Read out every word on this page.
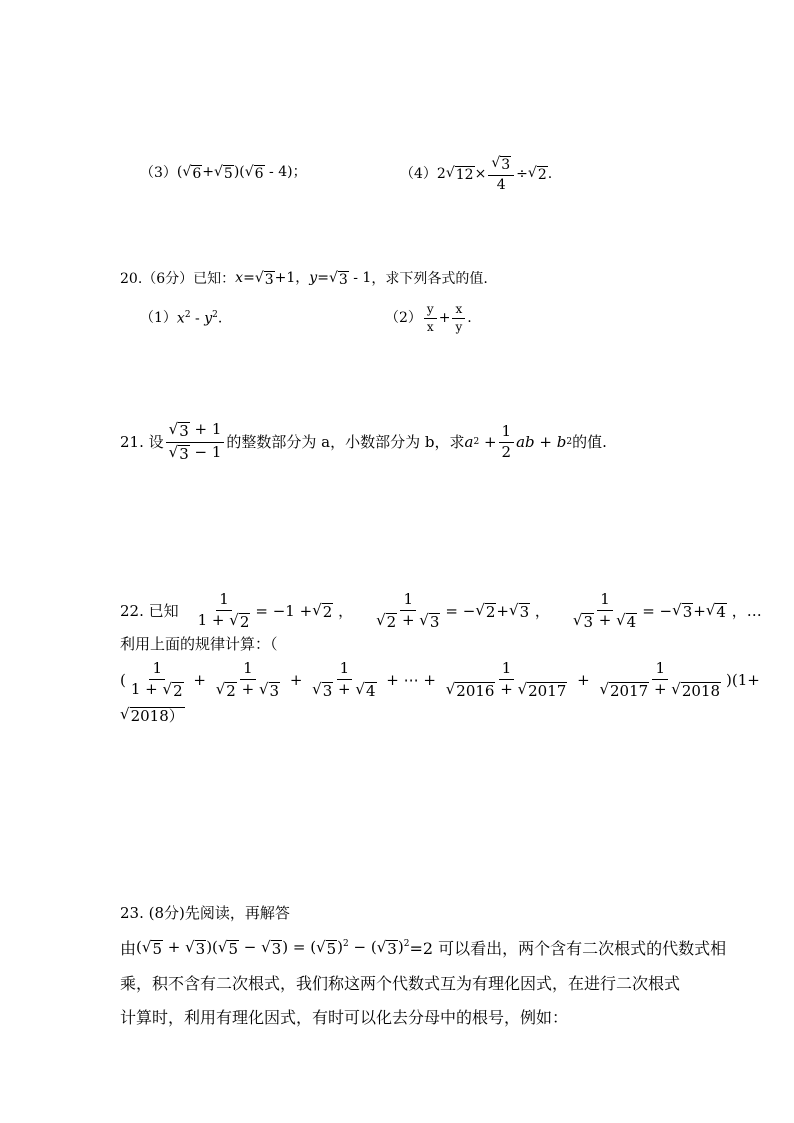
（3） ( √ 6 + √ 5 )( √ 6 - 4)；	（4） 2 √ $12 \times \frac{√ 3}{4}$ ÷ √ 2 .
20.（6分）已知： x= √ 3 +1，y= √ 3 - 1 ，求下列各式的值.
（1） $x^2 - y^2$.	$(2) \frac{y}{x} + \frac{x}{y}$ .
21. 设 $\frac{√ 3 + 1}{√ 3 - 1}$ 的整数部分为 a，小数部分为 b，求 a $2 + \frac{1}{2}$ ab + b 2 的值.
22. 已知 $\frac{1}{1 + √ 2} = -1$ + √ 2 ， $\frac{1}{√ 2 + √ 3}$ = − √ 2 + √ 3 ， $\frac{1}{√ 3 + √ 4}$ = − √ 3 + √ 4 ， …
利用上面的规律计算：（
( $\frac{1}{1 + √ 2} + \frac{1}{√ 2 + √ 3} + \frac{1}{√ 3 + √ 4}$ + ⋯ + $\frac{1}{√ 2016 + √ 2017} + \frac{1}{√ 2017 + √ 2018} )(1+$
√ 2018）
23. (8分)先阅读，再解答
由 ( √ 5 + √ 3 )( √ 5 − √ 3 ) = ( √ 5 )$^2$ − ( √ 3 )$^2$ =2 可以看出，两个含有二次根式的代数式相
乘，积不含有二次根式，我们称这两个代数式互为有理化因式，在进行二次根式
计算时，利用有理化因式，有时可以化去分母中的根号，例如：
